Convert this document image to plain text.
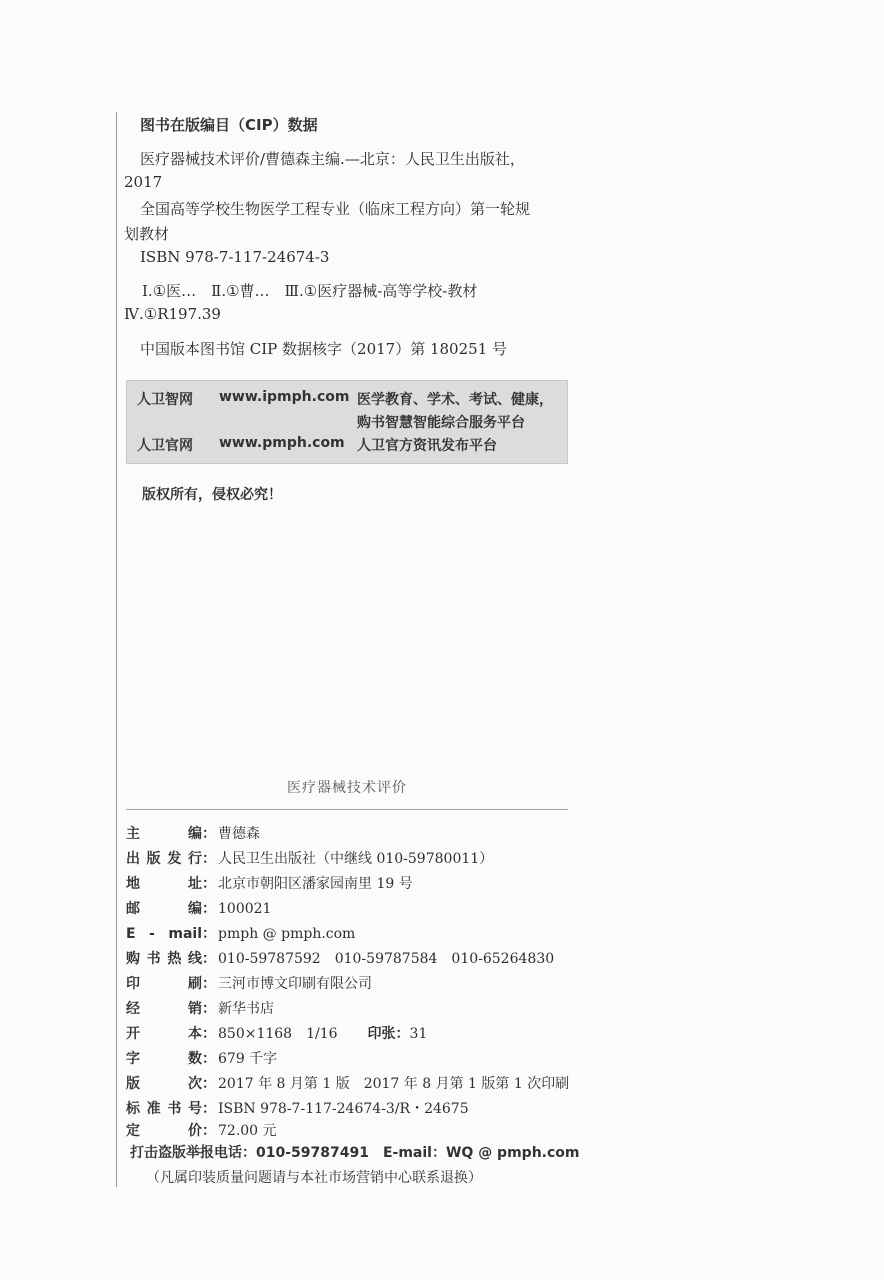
图书在版编目（CIP）数据
医疗器械技术评价/曹德森主编.—北京：人民卫生出版社，
2017
全国高等学校生物医学工程专业（临床工程方向）第一轮规
划教材
ISBN 978-7-117-24674-3
Ⅰ.①医…　Ⅱ.①曹…　Ⅲ.①医疗器械-高等学校-教材
Ⅳ.①R197.39
中国版本图书馆 CIP 数据核字（2017）第 180251 号
人卫智网 www.ipmph.com 医学教育、学术、考试、健康，
购书智慧智能综合服务平台
人卫官网 www.pmph.com 人卫官方资讯发布平台
版权所有，侵权必究！
医疗器械技术评价
主　　编： 曹德森
出版发行： 人民卫生出版社（中继线 010-59780011）
地　　址： 北京市朝阳区潘家园南里 19 号
邮　　编： 100021
E - mail： pmph @ pmph.com
购书热线： 010-59787592　010-59787584　010-65264830
印　　刷： 三河市博文印刷有限公司
经　　销： 新华书店
开　　本： 850×1168　1/16 印张：31
字　　数： 679 千字
版　　次： 2017 年 8 月第 1 版　2017 年 8 月第 1 版第 1 次印刷
标准书号： ISBN 978-7-117-24674-3/R・24675
定　　价： 72.00 元
打击盗版举报电话：010-59787491　E-mail：WQ @ pmph.com
（凡属印装质量问题请与本社市场营销中心联系退换）
